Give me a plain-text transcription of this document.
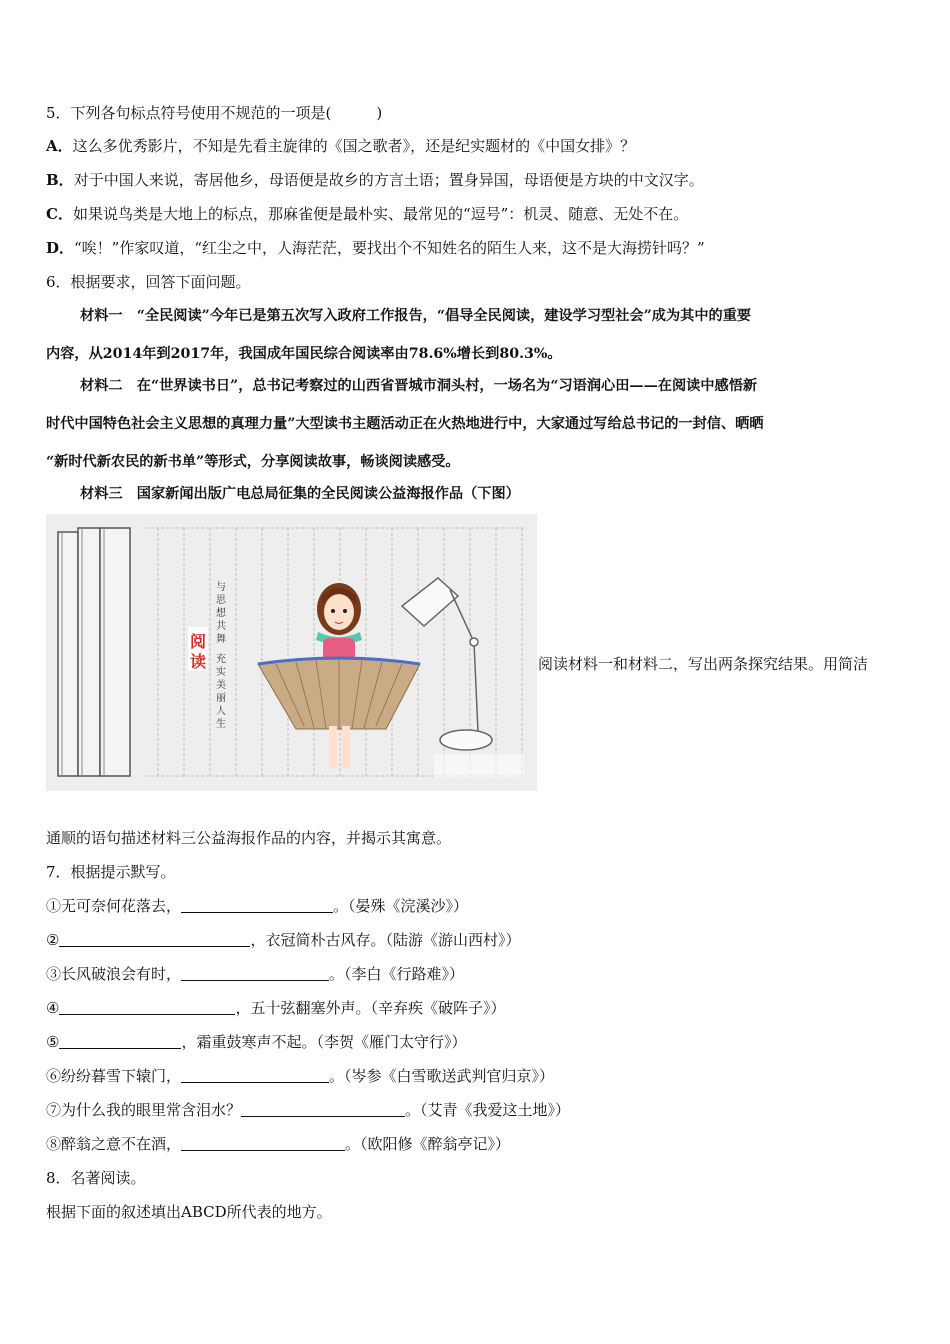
5．下列各句标点符号使用不规范的一项是(　　　)
A．这么多优秀影片，不知是先看主旋律的《国之歌者》，还是纪实题材的《中国女排》？
B．对于中国人来说，寄居他乡，母语便是故乡的方言土语；置身异国，母语便是方块的中文汉字。
C．如果说鸟类是大地上的标点，那麻雀便是最朴实、最常见的“逗号”：机灵、随意、无处不在。
D．“唉！”作家叹道，“红尘之中，人海茫茫，要找出个不知姓名的陌生人来，这不是大海捞针吗？”
6．根据要求，回答下面问题。
材料一　“全民阅读”今年已是第五次写入政府工作报告，“倡导全民阅读，建设学习型社会”成为其中的重要
内容，从2014年到2017年，我国成年国民综合阅读率由78.6%增长到80.3%。
材料二　在“世界读书日”，总书记考察过的山西省晋城市洞头村，一场名为“习语润心田——在阅读中感悟新
时代中国特色社会主义思想的真理力量”大型读书主题活动正在火热地进行中，大家通过写给总书记的一封信、晒晒
“新时代新农民的新书单”等形式，分享阅读故事，畅谈阅读感受。
材料三　国家新闻出版广电总局征集的全民阅读公益海报作品（下图）
阅
读
与
思
想
共
舞
充
实
美
丽
人
生
阅读材料一和材料二，写出两条探究结果。用简洁
通顺的语句描述材料三公益海报作品的内容，并揭示其寓意。
7．根据提示默写。
①无可奈何花落去，	。（晏殊《浣溪沙》）
②	，衣冠简朴古风存。（陆游《游山西村》）
③长风破浪会有时，	。（李白《行路难》）
④	，五十弦翻塞外声。（辛弃疾《破阵子》）
⑤	，霜重鼓寒声不起。（李贺《雁门太守行》）
⑥纷纷暮雪下辕门，	。（岑参《白雪歌送武判官归京》）
⑦为什么我的眼里常含泪水？	。（艾青《我爱这土地》）
⑧醉翁之意不在酒，	。（欧阳修《醉翁亭记》）
8．名著阅读。
根据下面的叙述填出ABCD所代表的地方。
